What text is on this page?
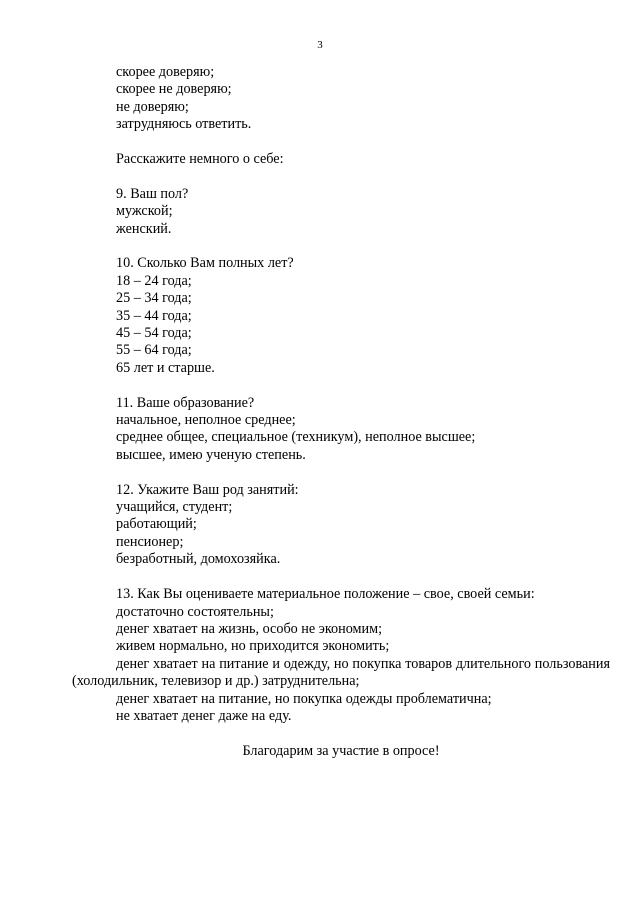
3

скорее доверяю;

скорее не доверяю;

не доверяю;

затрудняюсь ответить.

Расскажите немного о себе:

9. Ваш пол?

мужской;

женский.

10. Сколько Вам полных лет?

18 – 24 года;

25 – 34 года;

35 – 44 года;

45 – 54 года;

55 – 64 года;

65 лет и старше.

11. Ваше образование?

начальное, неполное среднее;

среднее общее, специальное (техникум), неполное высшее;

высшее, имею ученую степень.

12. Укажите Ваш род занятий:

учащийся, студент;

работающий;

пенсионер;

безработный, домохозяйка.

13. Как Вы оцениваете материальное положение – свое, своей семьи:

достаточно состоятельны;

денег хватает на жизнь, особо не экономим;

живем нормально, но приходится экономить;

денег хватает на питание и одежду, но покупка товаров длительного пользования (холодильник, телевизор и др.) затруднительна;

денег хватает на питание, но покупка одежды проблематична;

не хватает денег даже на еду.

Благодарим за участие в опросе!
